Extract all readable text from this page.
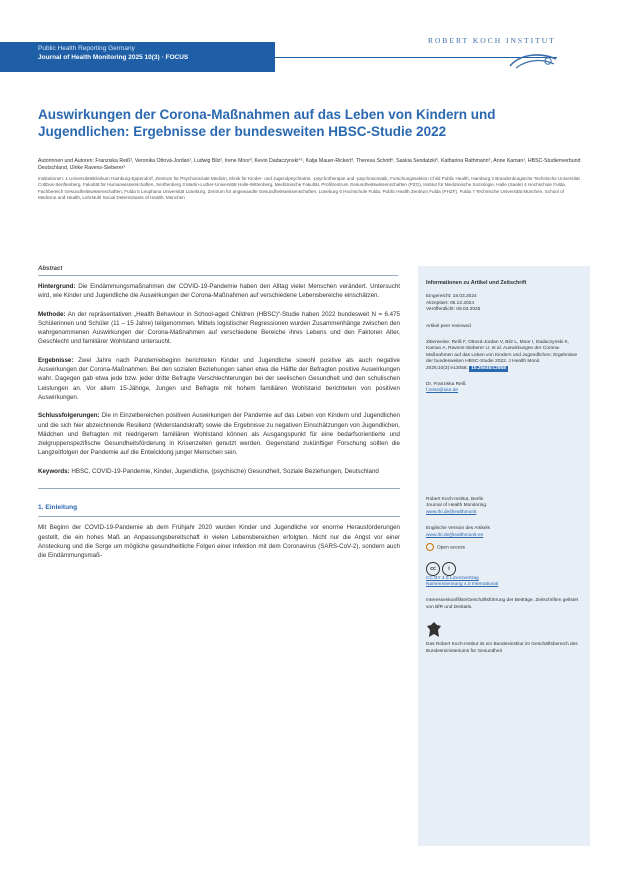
Public Health Reporting Germany
Journal of Health Monitoring 2025 10(3) · FOCUS
ROBERT KOCH INSTITUT
Auswirkungen der Corona-Maßnahmen auf das Leben von Kindern und Jugendlichen: Ergebnisse der bundesweiten HBSC-Studie 2022
Autorinnen und Autoren: Franziska Reiß¹, Veronika Ottová-Jordan¹, Ludwig Bilz², Irene Moor³, Kevin Dadaczynski⁴⁵, Katja Mauer-Rickert³, Theresa Schott⁶, Saskia Sendatzki⁶, Katharina Rathmann⁶, Anne Kaman¹, HBSC-Studienverbund Deutschland, Ulrike Ravens-Sieberer¹
Institutionen: 1 Universitätsklinikum Hamburg-Eppendorf, Zentrum für Psychosoziale Medizin, Klinik für Kinder- und Jugendpsychiatrie, -psychotherapie und -psychosomatik, Forschungssektion Child Public Health, Hamburg 2 Brandenburgische Technische Universität Cottbus-Senftenberg, Fakultät für Humanwissenschaften, Senftenberg 3 Martin-Luther-Universität Halle-Wittenberg, Medizinische Fakultät, Profilzentrum Gesundheitswissenschaften (PZG), Institut für Medizinische Soziologie, Halle (Saale) 4 Hochschule Fulda, Fachbereich Gesundheitswissenschaften, Fulda 5 Leuphana Universität Lüneburg, Zentrum für angewandte Gesundheitswissenschaften, Lüneburg 6 Hochschule Fulda, Public Health Zentrum Fulda (PHZF), Fulda 7 Technische Universität München, School of Medicine and Health, Lehrstuhl Social Determinants of Health, München
Abstract

Hintergrund: Die Eindämmungsmaßnahmen der COVID-19-Pandemie haben den Alltag vieler Menschen verändert. Untersucht wird, wie Kinder und Jugendliche die Auswirkungen der Corona-Maßnahmen auf verschiedene Lebensbereiche einschätzen.

Methode: An der repräsentativen „Health Behaviour in School-aged Children (HBSC)“-Studie haben 2022 bundesweit N = 6.475 Schülerinnen und Schüler (11 – 15 Jahre) teilgenommen. Mittels logistischer Regressionen wurden Zusammenhänge zwischen den wahrgenommenen Auswirkungen der Corona-Maßnahmen auf verschiedene Bereiche ihres Lebens und den Faktoren Alter, Geschlecht und familiärer Wohlstand untersucht.

Ergebnisse: Zwei Jahre nach Pandemiebeginn berichteten Kinder und Jugendliche sowohl positive als auch negative Auswirkungen der Corona-Maßnahmen. Bei den sozialen Beziehungen sahen etwa die Hälfte der Befragten positive Auswirkungen wahr. Dagegen gab etwa jede bzw. jeder dritte Befragte Verschlechterungen bei der seelischen Gesundheit und den schulischen Leistungen an. Vor allem 15-Jährige, Jungen und Befragte mit hohem familiären Wohlstand berichteten von positiven Auswirkungen.

Schlussfolgerungen: Die in Einzelbereichen positiven Auswirkungen der Pandemie auf das Leben von Kindern und Jugendlichen und die sich hier abzeichnende Resilienz (Widerstandskraft) sowie die Ergebnisse zu negativen Einschätzungen von Jugendlichen, Mädchen und Befragten mit niedrigerem familiären Wohlstand können als Ausgangspunkt für eine bedarfsorientierte und zielgruppenspezifische Gesundheitsförderung in Krisenzeiten genutzt werden. Gegenstand zukünftiger Forschung sollten die Langzeitfolgen der Pandemie auf die Entwicklung junger Menschen sein.

Keywords: HBSC, COVID-19-Pandemie, Kinder, Jugendliche, (psychische) Gesundheit, Soziale Beziehungen, Deutschland

1. Einleitung

Mit Beginn der COVID-19-Pandemie ab dem Frühjahr 2020 wurden Kinder und Jugendliche vor enorme Herausforderungen gestellt, die ein hohes Maß an Anpassungsbereitschaft in vielen Lebensbereichen erfolgten. Nicht nur die Angst vor einer Ansteckung und die Sorge um mögliche gesundheitliche Folgen einer Infektion mit dem Coronavirus (SARS-CoV-2), sondern auch die Eindämmungsmaß-

Informationen zu Artikel und Zeitschrift
Eingereicht: 18.03.2024
Akzeptiert: 05.12.2024
Veröffentlicht: 09.03.2025
Artikel peer reviewed
Zitierweise: Reiß F, Ottová-Jordan V, Bilz L, Moor I, Dadaczynski K, Kaman A, Ravens-Sieberer U, et al. Auswirkungen der Corona-Maßnahmen auf das Leben von Kindern und Jugendlichen: Ergebnisse der bundesweiten HBSC-Studie 2022. J Health Monit. 2025;10(3):e13058. 10.25646/12858
Dr. Franziska Reiß
f.reiss@uke.de
Robert Koch-Institut, Berlin
Journal of Health Monitoring
www.rki.de/jhealthmonit
Englische Version des Artikels
www.rki.de/jhealthmonit-en
Open access
cc	i
CC BY 4.0 Lizenzvertrag
Namensnennung 4.0 International
Interessenkonflikte/Geschäftsführung der Beiträge. Zeitschriften gelistet von BfR und Destatis.
Das Robert Koch-Institut ist ein Bundesinstitut im Geschäftsbereich des Bundesministeriums für Gesundheit
